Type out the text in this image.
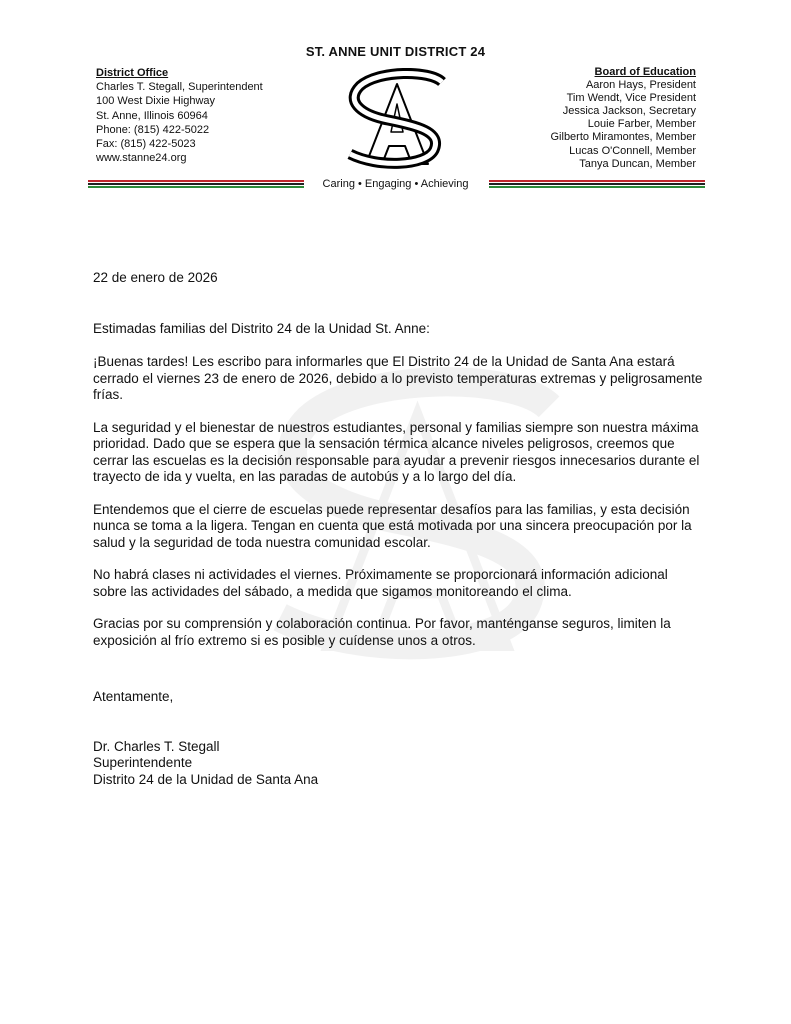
ST. ANNE UNIT DISTRICT 24
District Office
Charles T. Stegall, Superintendent
100 West Dixie Highway
St. Anne, Illinois 60964
Phone: (815) 422-5022
Fax: (815) 422-5023
www.stanne24.org
Board of Education
Aaron Hays, President
Tim Wendt, Vice President
Jessica Jackson, Secretary
Louie Farber, Member
Gilberto Miramontes, Member
Lucas O'Connell, Member
Tanya Duncan, Member
Caring • Engaging • Achieving

22 de enero de 2026

Estimadas familias del Distrito 24 de la Unidad St. Anne:

¡Buenas tardes! Les escribo para informarles que El Distrito 24 de la Unidad de Santa Ana estará cerrado el viernes 23 de enero de 2026, debido a lo previsto temperaturas extremas y peligrosamente frías.

La seguridad y el bienestar de nuestros estudiantes, personal y familias siempre son nuestra máxima prioridad. Dado que se espera que la sensación térmica alcance niveles peligrosos, creemos que cerrar las escuelas es la decisión responsable para ayudar a prevenir riesgos innecesarios durante el trayecto de ida y vuelta, en las paradas de autobús y a lo largo del día.

Entendemos que el cierre de escuelas puede representar desafíos para las familias, y esta decisión nunca se toma a la ligera. Tengan en cuenta que está motivada por una sincera preocupación por la salud y la seguridad de toda nuestra comunidad escolar.

No habrá clases ni actividades el viernes. Próximamente se proporcionará información adicional sobre las actividades del sábado, a medida que sigamos monitoreando el clima.

Gracias por su comprensión y colaboración continua. Por favor, manténganse seguros, limiten la exposición al frío extremo si es posible y cuídense unos a otros.

Atentamente,

Dr. Charles T. Stegall

Superintendente

Distrito 24 de la Unidad de Santa Ana
